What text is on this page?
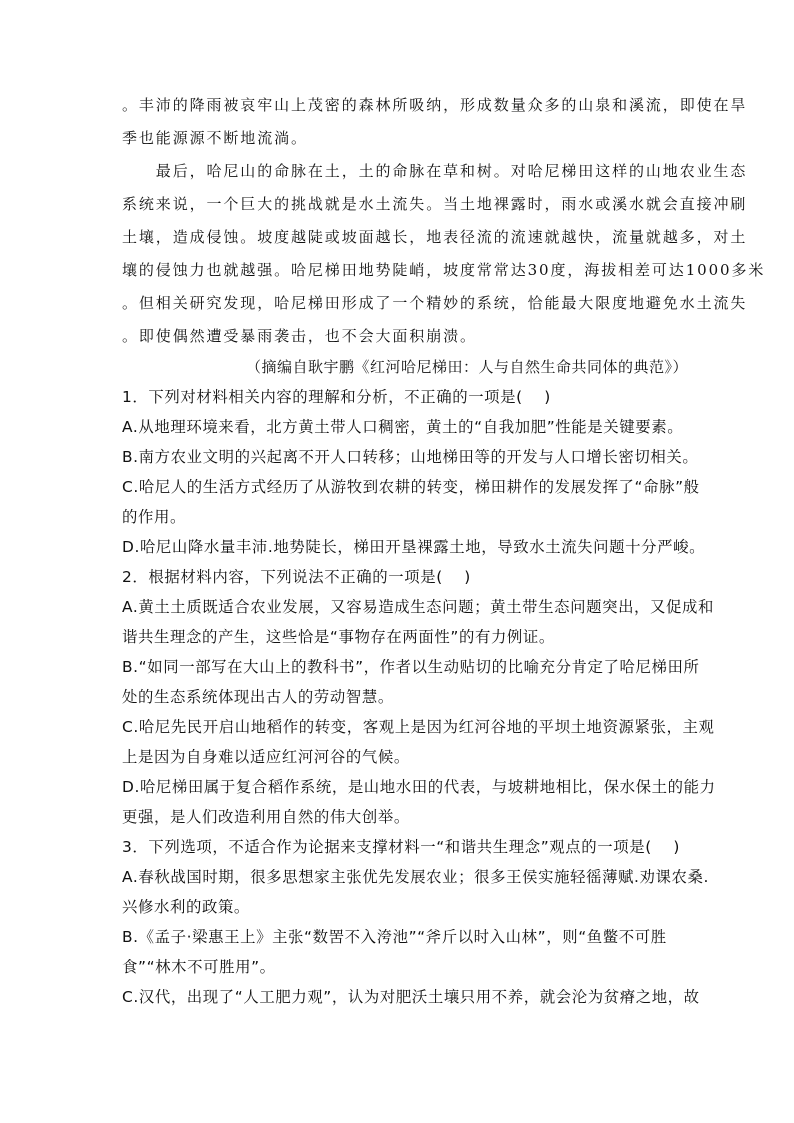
。丰沛的降雨被哀牢山上茂密的森林所吸纳，形成数量众多的山泉和溪流，即使在旱
季也能源源不断地流淌。
　　最后，哈尼山的命脉在土，土的命脉在草和树。对哈尼梯田这样的山地农业生态
系统来说，一个巨大的挑战就是水土流失。当土地裸露时，雨水或溪水就会直接冲刷
土壤，造成侵蚀。坡度越陡或坡面越长，地表径流的流速就越快，流量就越多，对土
壤的侵蚀力也就越强。哈尼梯田地势陡峭，坡度常常达30度，海拔相差可达1000多米
。但相关研究发现，哈尼梯田形成了一个精妙的系统，恰能最大限度地避免水土流失
。即使偶然遭受暴雨袭击，也不会大面积崩溃。
（摘编自耿宇鹏《红河哈尼梯田：人与自然生命共同体的典范》）
1．下列对材料相关内容的理解和分析，不正确的一项是(　 )
A.从地理环境来看，北方黄土带人口稠密，黄土的“自我加肥”性能是关键要素。
B.南方农业文明的兴起离不开人口转移；山地梯田等的开发与人口增长密切相关。
C.哈尼人的生活方式经历了从游牧到农耕的转变，梯田耕作的发展发挥了“命脉”般
的作用。
D.哈尼山降水量丰沛.地势陡长，梯田开垦裸露土地，导致水土流失问题十分严峻。
2．根据材料内容，下列说法不正确的一项是(　 )
A.黄土土质既适合农业发展，又容易造成生态问题；黄土带生态问题突出，又促成和
谐共生理念的产生，这些恰是“事物存在两面性”的有力例证。
B.“如同一部写在大山上的教科书”，作者以生动贴切的比喻充分肯定了哈尼梯田所
处的生态系统体现出古人的劳动智慧。
C.哈尼先民开启山地稻作的转变，客观上是因为红河谷地的平坝土地资源紧张，主观
上是因为自身难以适应红河河谷的气候。
D.哈尼梯田属于复合稻作系统，是山地水田的代表，与坡耕地相比，保水保土的能力
更强，是人们改造利用自然的伟大创举。
3．下列选项，不适合作为论据来支撑材料一“和谐共生理念”观点的一项是(　 )
A.春秋战国时期，很多思想家主张优先发展农业；很多王侯实施轻徭薄赋.劝课农桑.
兴修水利的政策。
B.《孟子·梁惠王上》主张“数罟不入洿池”“斧斤以时入山林”，则“鱼鳖不可胜
食”“林木不可胜用”。
C.汉代，出现了“人工肥力观”，认为对肥沃土壤只用不养，就会沦为贫瘠之地，故
